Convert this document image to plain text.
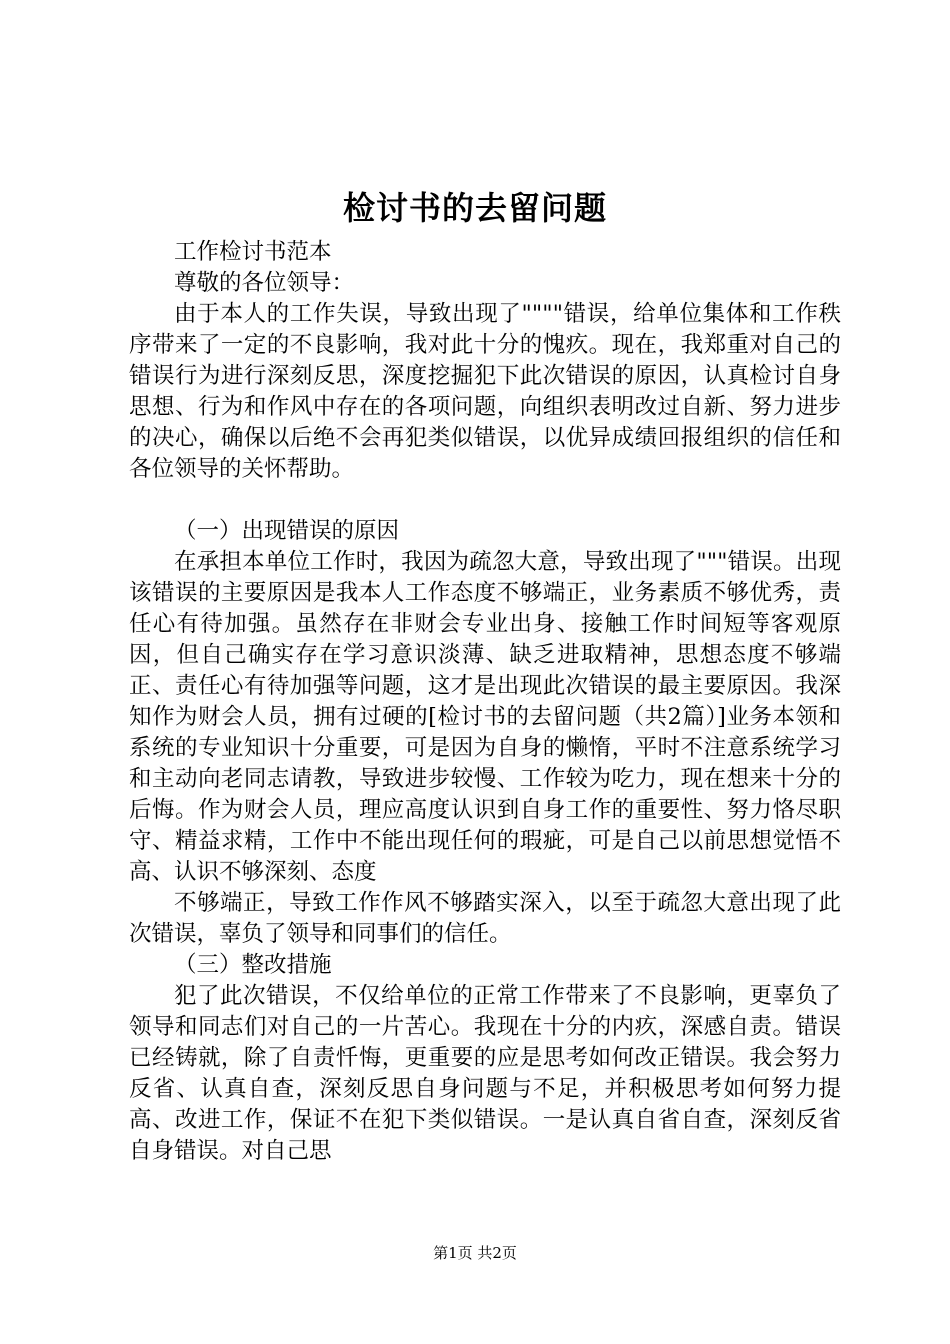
检讨书的去留问题

工作检讨书范本

尊敬的各位领导：

由于本人的工作失误，导致出现了""""错误，给单位集体和工作秩序带来了一定的不良影响，我对此十分的愧疚。现在，我郑重对自己的错误行为进行深刻反思，深度挖掘犯下此次错误的原因，认真检讨自身思想、行为和作风中存在的各项问题，向组织表明改过自新、努力进步的决心，确保以后绝不会再犯类似错误，以优异成绩回报组织的信任和各位领导的关怀帮助。

（一）出现错误的原因

在承担本单位工作时，我因为疏忽大意，导致出现了"""错误。出现该错误的主要原因是我本人工作态度不够端正，业务素质不够优秀，责任心有待加强。虽然存在非财会专业出身、接触工作时间短等客观原因，但自己确实存在学习意识淡薄、缺乏进取精神，思想态度不够端正、责任心有待加强等问题，这才是出现此次错误的最主要原因。我深知作为财会人员，拥有过硬的[检讨书的去留问题（共2篇）]业务本领和系统的专业知识十分重要，可是因为自身的懒惰，平时不注意系统学习和主动向老同志请教，导致进步较慢、工作较为吃力，现在想来十分的后悔。作为财会人员，理应高度认识到自身工作的重要性、努力恪尽职守、精益求精，工作中不能出现任何的瑕疵，可是自己以前思想觉悟不高、认识不够深刻、态度

不够端正，导致工作作风不够踏实深入，以至于疏忽大意出现了此次错误，辜负了领导和同事们的信任。

（三）整改措施

犯了此次错误，不仅给单位的正常工作带来了不良影响，更辜负了领导和同志们对自己的一片苦心。我现在十分的内疚，深感自责。错误已经铸就，除了自责忏悔，更重要的应是思考如何改正错误。我会努力反省、认真自查，深刻反思自身问题与不足，并积极思考如何努力提高、改进工作，保证不在犯下类似错误。一是认真自省自查，深刻反省自身错误。对自己思

第1页 共2页
